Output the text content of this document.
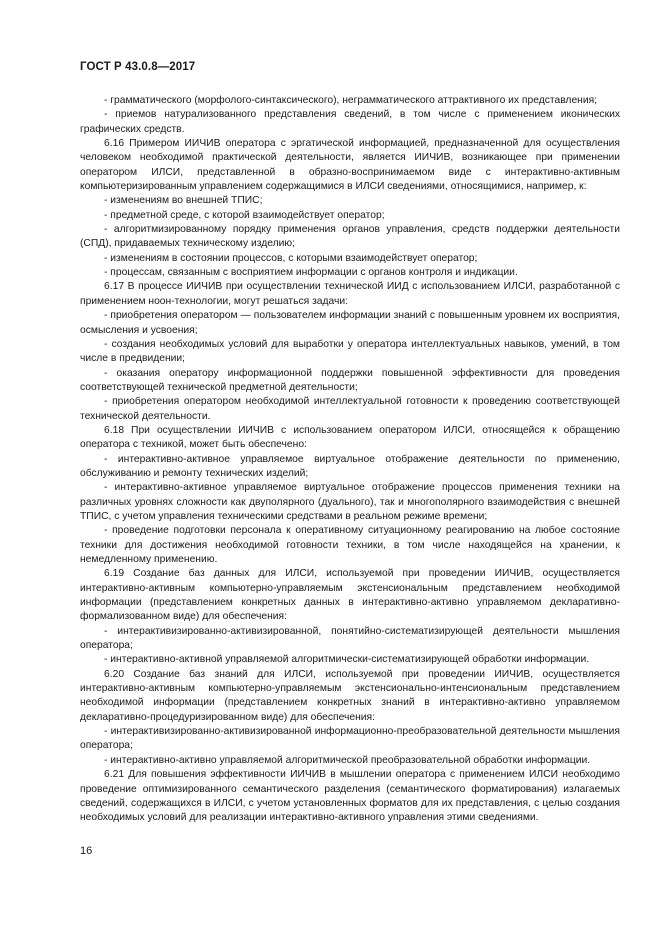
ГОСТ Р 43.0.8—2017

- грамматического (морфолого-синтаксического), неграмматического аттрактивного их представления;

- приемов натурализованного представления сведений, в том числе с применением иконических графических средств.

6.16 Примером ИИЧИВ оператора с эргатической информацией, предназначенной для осуществления человеком необходимой практической деятельности, является ИИЧИВ, возникающее при применении оператором ИЛСИ, представленной в образно-воспринимаемом виде с интерактивно-активным компьютеризированным управлением содержащимися в ИЛСИ сведениями, относящимися, например, к:

- изменениям во внешней ТПИС;

- предметной среде, с которой взаимодействует оператор;

- алгоритмизированному порядку применения органов управления, средств поддержки деятельности (СПД), придаваемых техническому изделию;

- изменениям в состоянии процессов, с которыми взаимодействует оператор;

- процессам, связанным с восприятием информации с органов контроля и индикации.

6.17 В процессе ИИЧИВ при осуществлении технической ИИД с использованием ИЛСИ, разработанной с применением ноон-технологии, могут решаться задачи:

- приобретения оператором — пользователем информации знаний с повышенным уровнем их восприятия, осмысления и усвоения;

- создания необходимых условий для выработки у оператора интеллектуальных навыков, умений, в том числе в предвидении;

- оказания оператору информационной поддержки повышенной эффективности для проведения соответствующей технической предметной деятельности;

- приобретения оператором необходимой интеллектуальной готовности к проведению соответствующей технической деятельности.

6.18 При осуществлении ИИЧИВ с использованием оператором ИЛСИ, относящейся к обращению оператора с техникой, может быть обеспечено:

- интерактивно-активное управляемое виртуальное отображение деятельности по применению, обслуживанию и ремонту технических изделий;

- интерактивно-активное управляемое виртуальное отображение процессов применения техники на различных уровнях сложности как двуполярного (дуального), так и многополярного взаимодействия с внешней ТПИС, с учетом управления техническими средствами в реальном режиме времени;

- проведение подготовки персонала к оперативному ситуационному реагированию на любое состояние техники для достижения необходимой готовности техники, в том числе находящейся на хранении, к немедленному применению.

6.19 Создание баз данных для ИЛСИ, используемой при проведении ИИЧИВ, осуществляется интерактивно-активным компьютерно-управляемым экстенсиональным представлением необходимой информации (представлением конкретных данных в интерактивно-активно управляемом декларативно-формализованном виде) для обеспечения:

- интерактивизированно-активизированной, понятийно-систематизирующей деятельности мышления оператора;

- интерактивно-активной управляемой алгоритмически-систематизирующей обработки информации.

6.20 Создание баз знаний для ИЛСИ, используемой при проведении ИИЧИВ, осуществляется интерактивно-активным компьютерно-управляемым экстенсионально-интенсиональным представлением необходимой информации (представлением конкретных знаний в интерактивно-активно управляемом декларативно-процедуризированном виде) для обеспечения:

- интерактивизированно-активизированной информационно-преобразовательной деятельности мышления оператора;

- интерактивно-активно управляемой алгоритмической преобразовательной обработки информации.

6.21 Для повышения эффективности ИИЧИВ в мышлении оператора с применением ИЛСИ необходимо проведение оптимизированного семантического разделения (семантического форматирования) излагаемых сведений, содержащихся в ИЛСИ, с учетом установленных форматов для их представления, с целью создания необходимых условий для реализации интерактивно-активного управления этими сведениями.

16
